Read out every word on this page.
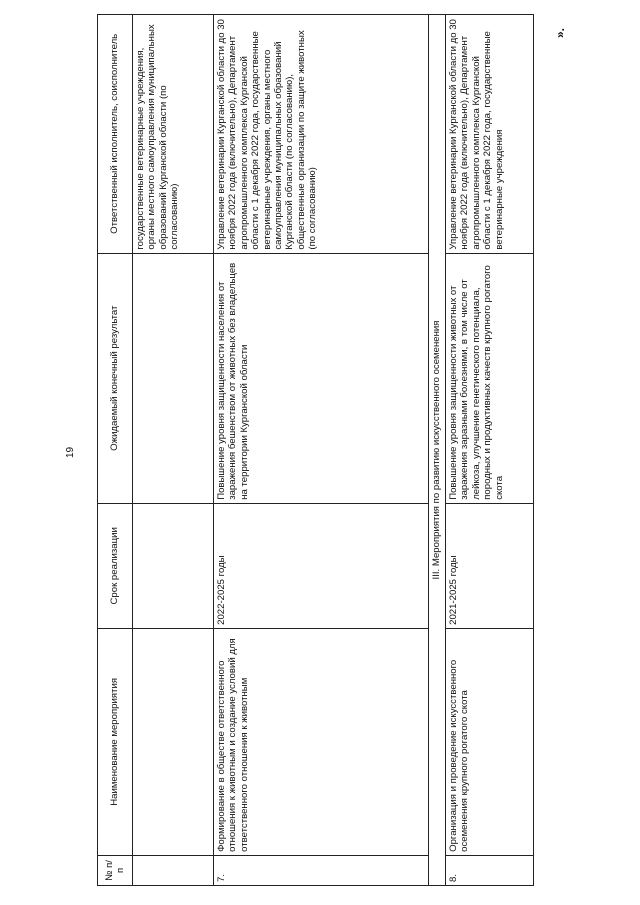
19
№ п/п	Наименование мероприятия	Срок реализации	Ожидаемый конечный результат	Ответственный исполнитель, соисполнитель
				государственные ветеринарные учреждения, органы местного самоуправления муниципальных образований Курганской области (по согласованию)
7.	Формирование в обществе ответственного отношения к животным и создание условий для ответственного отношения к животным	2022-2025 годы	Повышение уровня защищенности населения от заражения бешенством от животных без владельцев на территории Курганской области	Управление ветеринарии Курганской области до 30 ноября 2022 года (включительно), Департамент агропромышленного комплекса Курганской области с 1 декабря 2022 года, государственные ветеринарные учреждения, органы местного самоуправления муниципальных образований Курганской области (по согласованию), общественные организации по защите животных (по согласованию)
III. Мероприятия по развитию искусственного осеменения				
8.	Организация и проведение искусственного осеменения крупного рогатого скота	2021-2025 годы	Повышение уровня защищенности животных от заражения заразными болезнями, в том числе от лейкоза, улучшение генетического потенциала, породных и продуктивных качеств крупного рогатого скота	Управление ветеринарии Курганской области до 30 ноября 2022 года (включительно), Департамент агропромышленного комплекса Курганской области с 1 декабря 2022 года, государственные ветеринарные учреждения
».
